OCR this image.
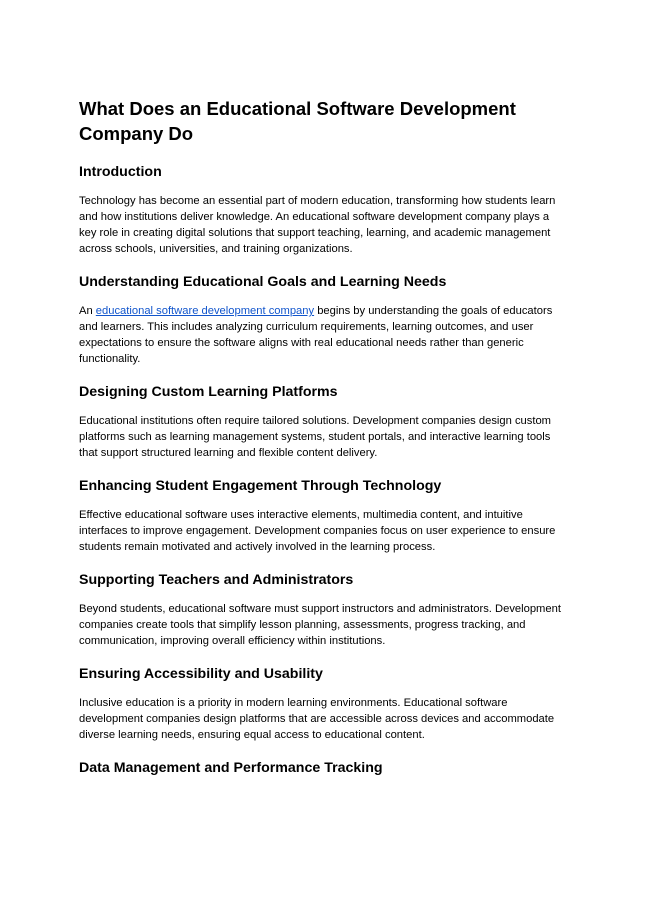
What Does an Educational Software Development Company Do
Introduction

Technology has become an essential part of modern education, transforming how students learn and how institutions deliver knowledge. An educational software development company plays a key role in creating digital solutions that support teaching, learning, and academic management across schools, universities, and training organizations.

Understanding Educational Goals and Learning Needs

An educational software development company begins by understanding the goals of educators and learners. This includes analyzing curriculum requirements, learning outcomes, and user expectations to ensure the software aligns with real educational needs rather than generic functionality.

Designing Custom Learning Platforms

Educational institutions often require tailored solutions. Development companies design custom platforms such as learning management systems, student portals, and interactive learning tools that support structured learning and flexible content delivery.

Enhancing Student Engagement Through Technology

Effective educational software uses interactive elements, multimedia content, and intuitive interfaces to improve engagement. Development companies focus on user experience to ensure students remain motivated and actively involved in the learning process.

Supporting Teachers and Administrators

Beyond students, educational software must support instructors and administrators. Development companies create tools that simplify lesson planning, assessments, progress tracking, and communication, improving overall efficiency within institutions.

Ensuring Accessibility and Usability

Inclusive education is a priority in modern learning environments. Educational software development companies design platforms that are accessible across devices and accommodate diverse learning needs, ensuring equal access to educational content.

Data Management and Performance Tracking
